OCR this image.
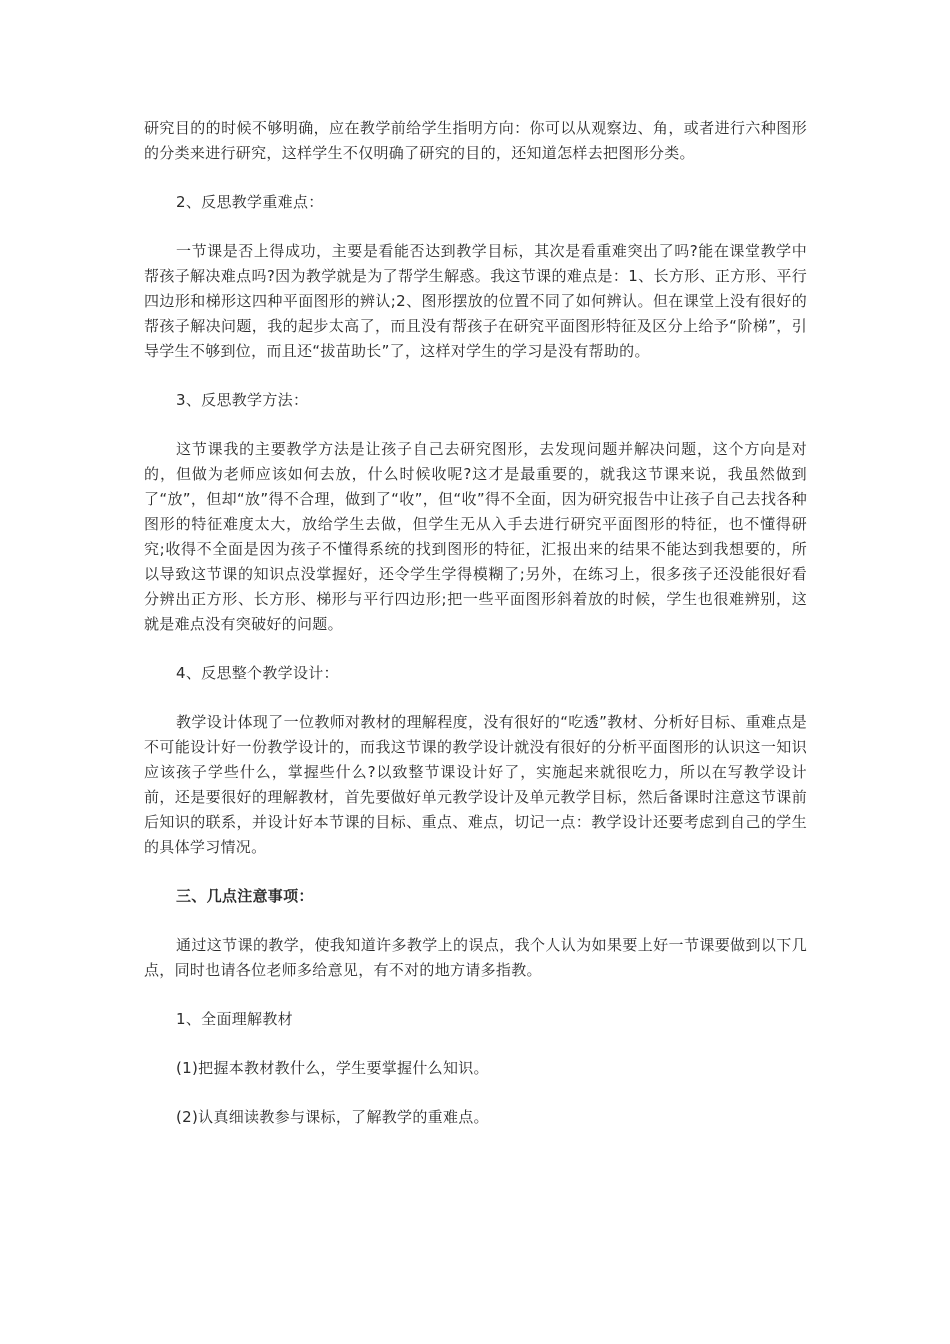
研究目的的时候不够明确，应在教学前给学生指明方向：你可以从观察边、角，或者进行六种图形的分类来进行研究，这样学生不仅明确了研究的目的，还知道怎样去把图形分类。

2、反思教学重难点：

一节课是否上得成功，主要是看能否达到教学目标，其次是看重难突出了吗?能在课堂教学中帮孩子解决难点吗?因为教学就是为了帮学生解惑。我这节课的难点是：1、长方形、正方形、平行四边形和梯形这四种平面图形的辨认;2、图形摆放的位置不同了如何辨认。但在课堂上没有很好的帮孩子解决问题，我的起步太高了，而且没有帮孩子在研究平面图形特征及区分上给予“阶梯”，引导学生不够到位，而且还“拔苗助长”了，这样对学生的学习是没有帮助的。

3、反思教学方法：

这节课我的主要教学方法是让孩子自己去研究图形，去发现问题并解决问题，这个方向是对的，但做为老师应该如何去放，什么时候收呢?这才是最重要的，就我这节课来说，我虽然做到了“放”，但却“放”得不合理，做到了“收”，但“收”得不全面，因为研究报告中让孩子自己去找各种图形的特征难度太大，放给学生去做，但学生无从入手去进行研究平面图形的特征，也不懂得研究;收得不全面是因为孩子不懂得系统的找到图形的特征，汇报出来的结果不能达到我想要的，所以导致这节课的知识点没掌握好，还令学生学得模糊了;另外，在练习上，很多孩子还没能很好看分辨出正方形、长方形、梯形与平行四边形;把一些平面图形斜着放的时候，学生也很难辨别，这就是难点没有突破好的问题。

4、反思整个教学设计：

教学设计体现了一位教师对教材的理解程度，没有很好的“吃透”教材、分析好目标、重难点是不可能设计好一份教学设计的，而我这节课的教学设计就没有很好的分析平面图形的认识这一知识应该孩子学些什么，掌握些什么?以致整节课设计好了，实施起来就很吃力，所以在写教学设计前，还是要很好的理解教材，首先要做好单元教学设计及单元教学目标，然后备课时注意这节课前后知识的联系，并设计好本节课的目标、重点、难点，切记一点：教学设计还要考虑到自己的学生的具体学习情况。

三、几点注意事项：

通过这节课的教学，使我知道许多教学上的误点，我个人认为如果要上好一节课要做到以下几点，同时也请各位老师多给意见，有不对的地方请多指教。

1、全面理解教材

(1)把握本教材教什么，学生要掌握什么知识。

(2)认真细读教参与课标，了解教学的重难点。
